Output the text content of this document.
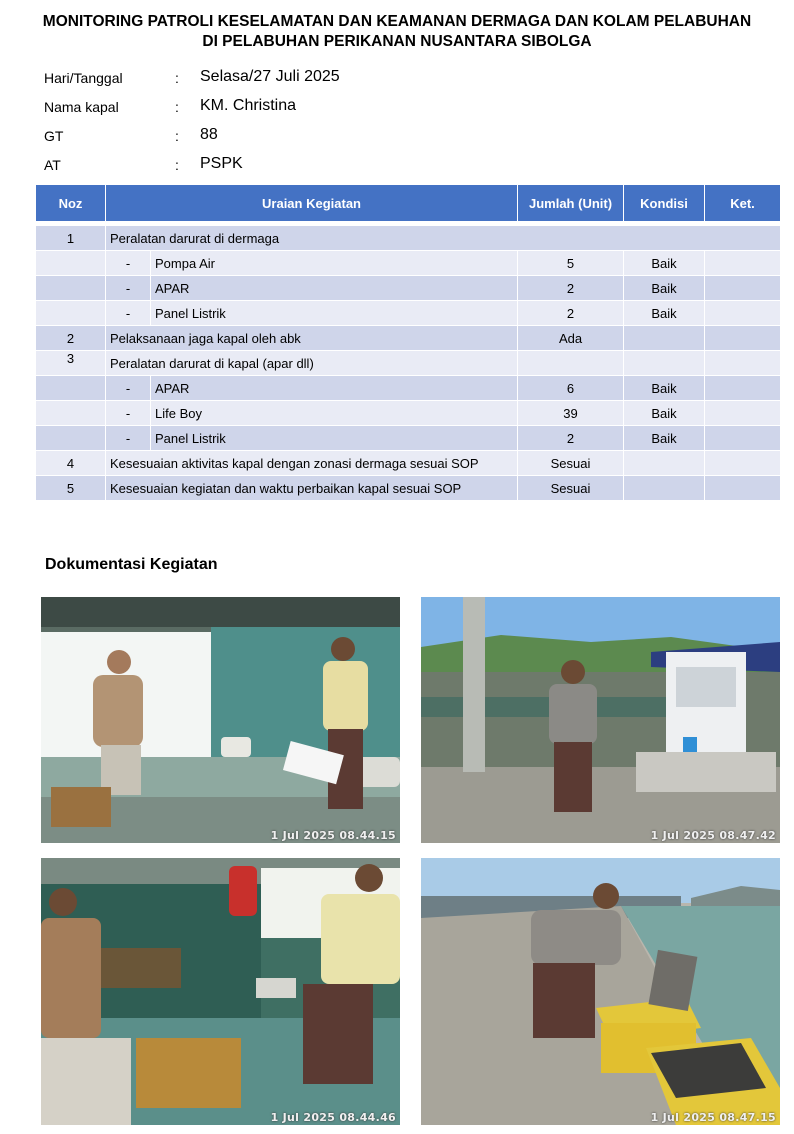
MONITORING PATROLI KESELAMATAN DAN KEAMANAN DERMAGA DAN KOLAM PELABUHAN
DI PELABUHAN PERIKANAN NUSANTARA SIBOLGA
Hari/Tanggal	: Selasa/27 Juli 2025
Nama kapal	: KM. Christina
GT	: 88
AT	: PSPK
Noz	Uraian Kegiatan		Jumlah (Unit)	Kondisi	Ket.

1	Peralatan darurat di dermaga				
	-	Pompa Air	5	Baik	
	-	APAR	2	Baik	
	-	Panel Listrik	2	Baik	
2	Pelaksanaan jaga kapal oleh abk		Ada		
3	Peralatan darurat di kapal (apar dll)				
	-	APAR	6	Baik	
	-	Life Boy	39	Baik	
	-	Panel Listrik	2	Baik	
4	Kesesuaian aktivitas kapal dengan zonasi dermaga sesuai SOP		Sesuai		
5	Kesesuaian kegiatan dan waktu perbaikan kapal sesuai SOP		Sesuai		
Dokumentasi Kegiatan
1 Jul 2025 08.44.15	1 Jul 2025 08.47.42
1 Jul 2025 08.44.46	1 Jul 2025 08.47.15
